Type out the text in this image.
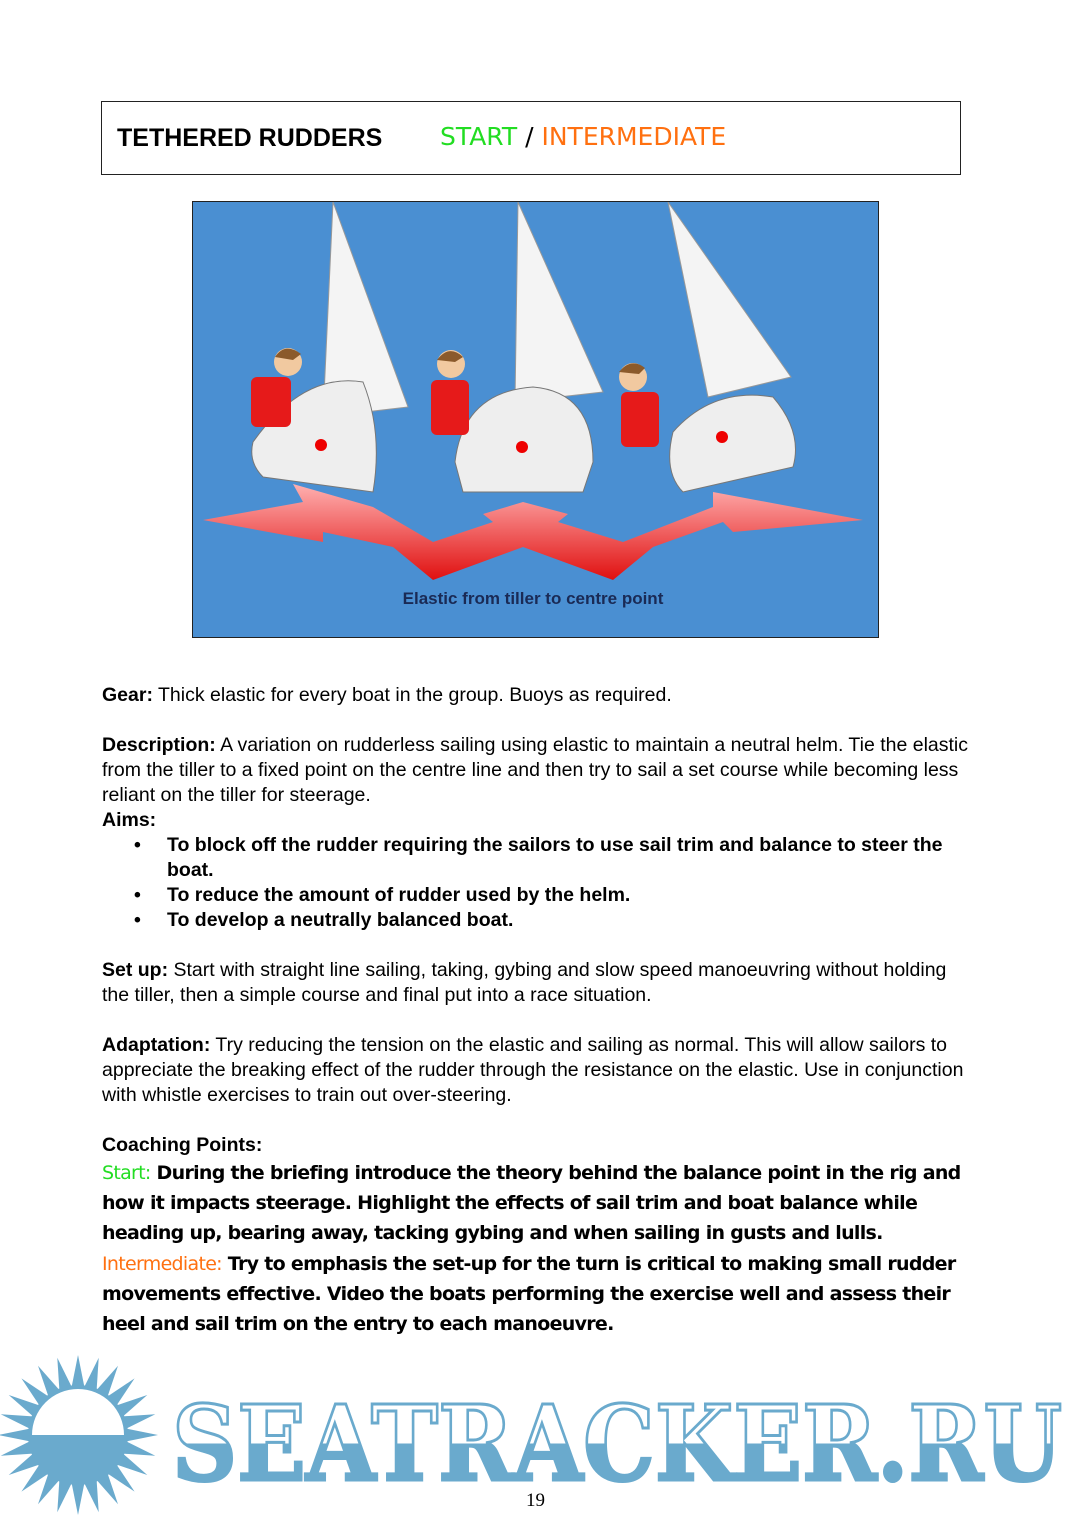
TETHERED RUDDERS START / INTERMEDIATE
Elastic from tiller to centre point

Gear: Thick elastic for every boat in the group. Buoys as required.

Description: A variation on rudderless sailing using elastic to maintain a neutral helm. Tie the elastic from the tiller to a fixed point on the centre line and then try to sail a set course while becoming less reliant on the tiller for steerage.

Aims:
• To block off the rudder requiring the sailors to use sail trim and balance to steer the boat.
• To reduce the amount of rudder used by the helm.
• To develop a neutrally balanced boat.

Set up: Start with straight line sailing, taking, gybing and slow speed manoeuvring without holding the tiller, then a simple course and final put into a race situation.

Adaptation: Try reducing the tension on the elastic and sailing as normal. This will allow sailors to appreciate the breaking effect of the rudder through the resistance on the elastic. Use in conjunction with whistle exercises to train out over-steering.

Coaching Points:
Start: During the briefing introduce the theory behind the balance point in the rig and how it impacts steerage. Highlight the effects of sail trim and boat balance while heading up, bearing away, tacking gybing and when sailing in gusts and lulls.
Intermediate: Try to emphasis the set-up for the turn is critical to making small rudder movements effective. Video the boats performing the exercise well and assess their heel and sail trim on the entry to each manoeuvre.
SEATRACKER.RU
19
